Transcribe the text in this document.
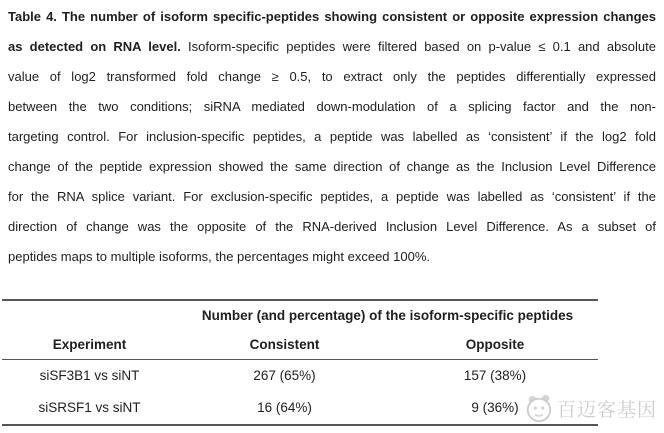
Table 4. The number of isoform specific-peptides showing consistent or opposite expression changes
as detected on RNA level. Isoform-specific peptides were filtered based on p-value ≤ 0.1 and absolute
value of log2 transformed fold change ≥ 0.5, to extract only the peptides differentially expressed
between the two conditions; siRNA mediated down-modulation of a splicing factor and the non-
targeting control. For inclusion-specific peptides, a peptide was labelled as ‘consistent’ if the log2 fold
change of the peptide expression showed the same direction of change as the Inclusion Level Difference
for the RNA splice variant. For exclusion-specific peptides, a peptide was labelled as ‘consistent’ if the
direction of change was the opposite of the RNA-derived Inclusion Level Difference. As a subset of
peptides maps to multiple isoforms, the percentages might exceed 100%.
Number (and percentage) of the isoform-specific peptides
Experiment	Consistent	Opposite
siSF3B1 vs siNT	267 (65%)	157 (38%)
siSRSF1 vs siNT	16 (64%)	9 (36%)	百迈客基因
